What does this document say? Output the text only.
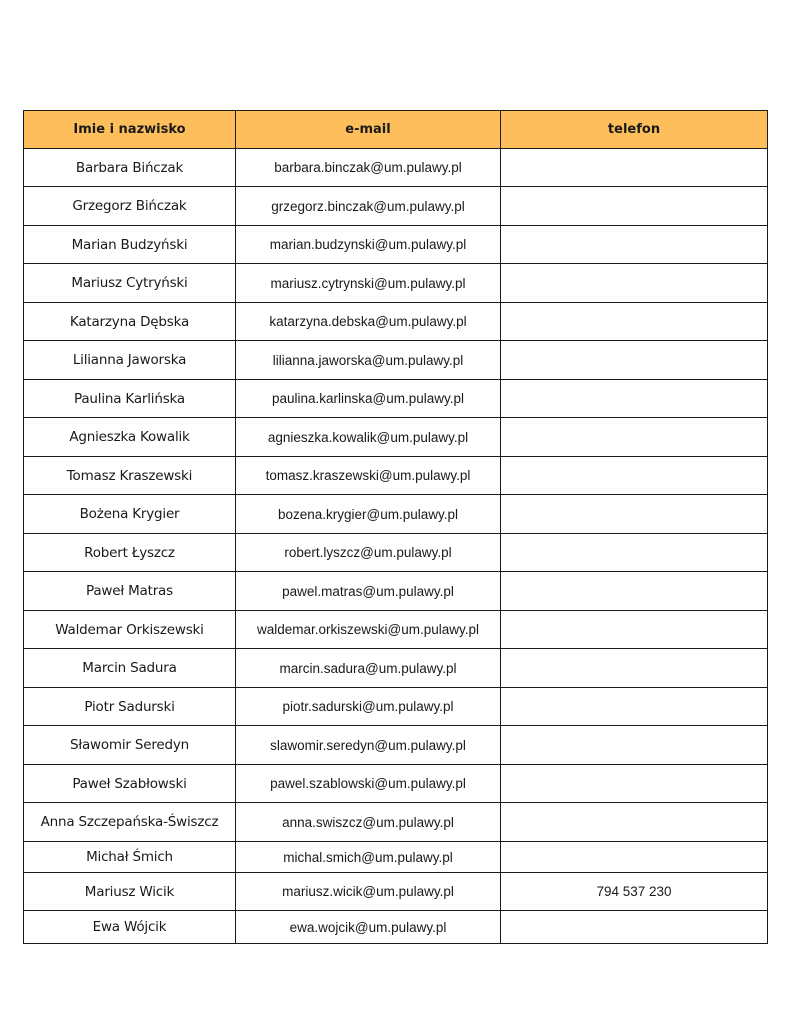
Imie i nazwisko	e-mail	telefon
Barbara Bińczak	barbara.binczak@um.pulawy.pl	
Grzegorz Bińczak	grzegorz.binczak@um.pulawy.pl	
Marian Budzyński	marian.budzynski@um.pulawy.pl	
Mariusz Cytryński	mariusz.cytrynski@um.pulawy.pl	
Katarzyna Dębska	katarzyna.debska@um.pulawy.pl	
Lilianna Jaworska	lilianna.jaworska@um.pulawy.pl	
Paulina Karlińska	paulina.karlinska@um.pulawy.pl	
Agnieszka Kowalik	agnieszka.kowalik@um.pulawy.pl	
Tomasz Kraszewski	tomasz.kraszewski@um.pulawy.pl	
Bożena Krygier	bozena.krygier@um.pulawy.pl	
Robert Łyszcz	robert.lyszcz@um.pulawy.pl	
Paweł Matras	pawel.matras@um.pulawy.pl	
Waldemar Orkiszewski	waldemar.orkiszewski@um.pulawy.pl	
Marcin Sadura	marcin.sadura@um.pulawy.pl	
Piotr Sadurski	piotr.sadurski@um.pulawy.pl	
Sławomir Seredyn	slawomir.seredyn@um.pulawy.pl	
Paweł Szabłowski	pawel.szablowski@um.pulawy.pl	
Anna Szczepańska-Świszcz	anna.swiszcz@um.pulawy.pl	
Michał Śmich	michal.smich@um.pulawy.pl	
Mariusz Wicik	mariusz.wicik@um.pulawy.pl	794 537 230
Ewa Wójcik	ewa.wojcik@um.pulawy.pl	
